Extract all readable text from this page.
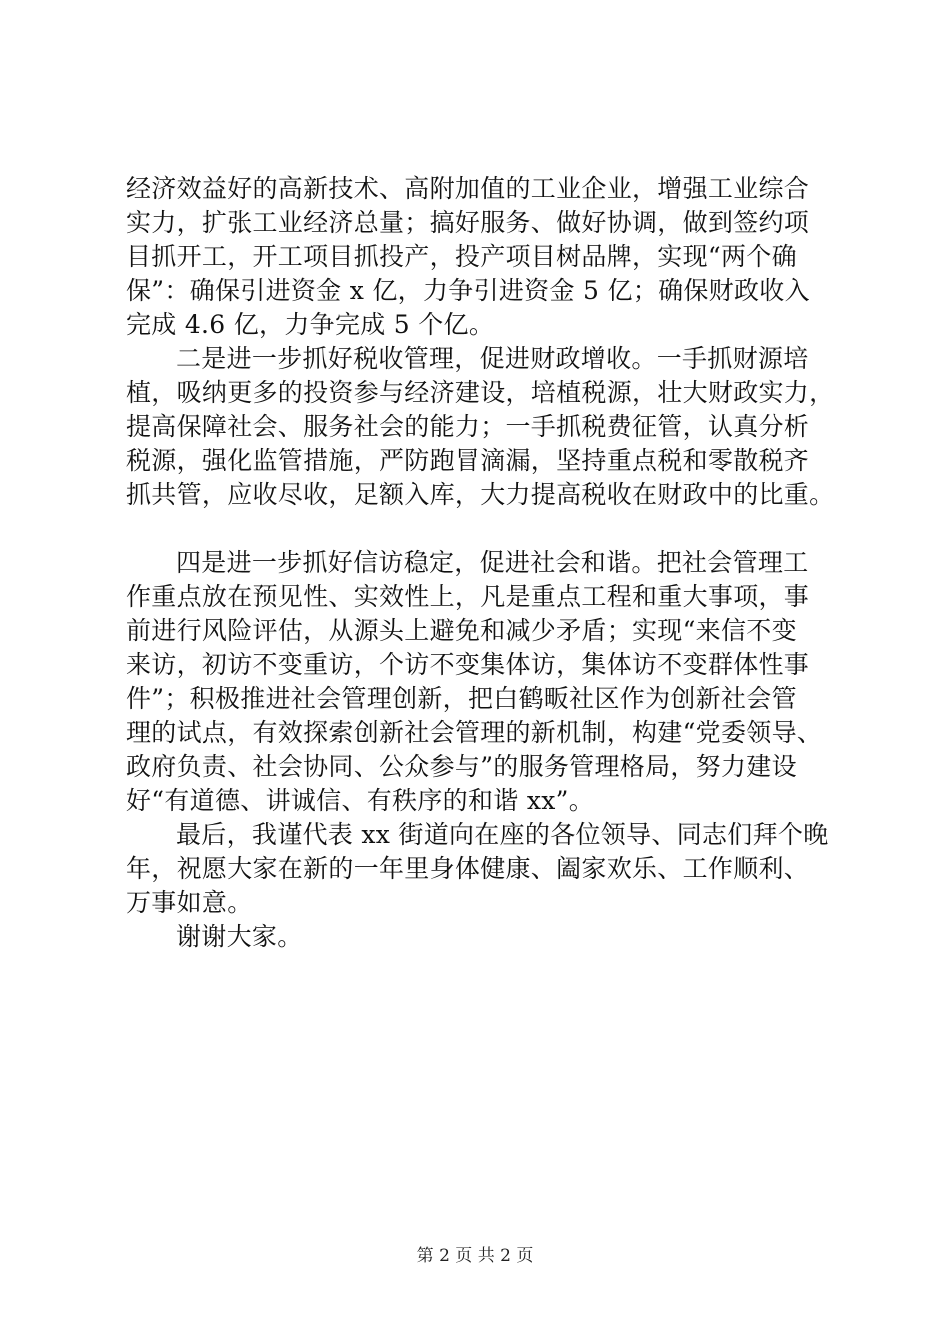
经济效益好的高新技术、高附加值的工业企业，增强工业综合
实力，扩张工业经济总量；搞好服务、做好协调，做到签约项
目抓开工，开工项目抓投产，投产项目树品牌，实现“两个确
保”：确保引进资金 x 亿，力争引进资金 5 亿；确保财政收入
完成 4.6 亿，力争完成 5 个亿。
二是进一步抓好税收管理，促进财政增收。一手抓财源培
植，吸纳更多的投资参与经济建设，培植税源，壮大财政实力，
提高保障社会、服务社会的能力；一手抓税费征管，认真分析
税源，强化监管措施，严防跑冒滴漏，坚持重点税和零散税齐
抓共管，应收尽收，足额入库，大力提高税收在财政中的比重。
四是进一步抓好信访稳定，促进社会和谐。把社会管理工
作重点放在预见性、实效性上，凡是重点工程和重大事项，事
前进行风险评估，从源头上避免和减少矛盾；实现“来信不变
来访，初访不变重访，个访不变集体访，集体访不变群体性事
件”；积极推进社会管理创新，把白鹤畈社区作为创新社会管
理的试点，有效探索创新社会管理的新机制，构建“党委领导、
政府负责、社会协同、公众参与”的服务管理格局，努力建设
好“有道德、讲诚信、有秩序的和谐 xx”。
最后，我谨代表 xx 街道向在座的各位领导、同志们拜个晚
年，祝愿大家在新的一年里身体健康、阖家欢乐、工作顺利、
万事如意。
谢谢大家。
第 2 页 共 2 页
